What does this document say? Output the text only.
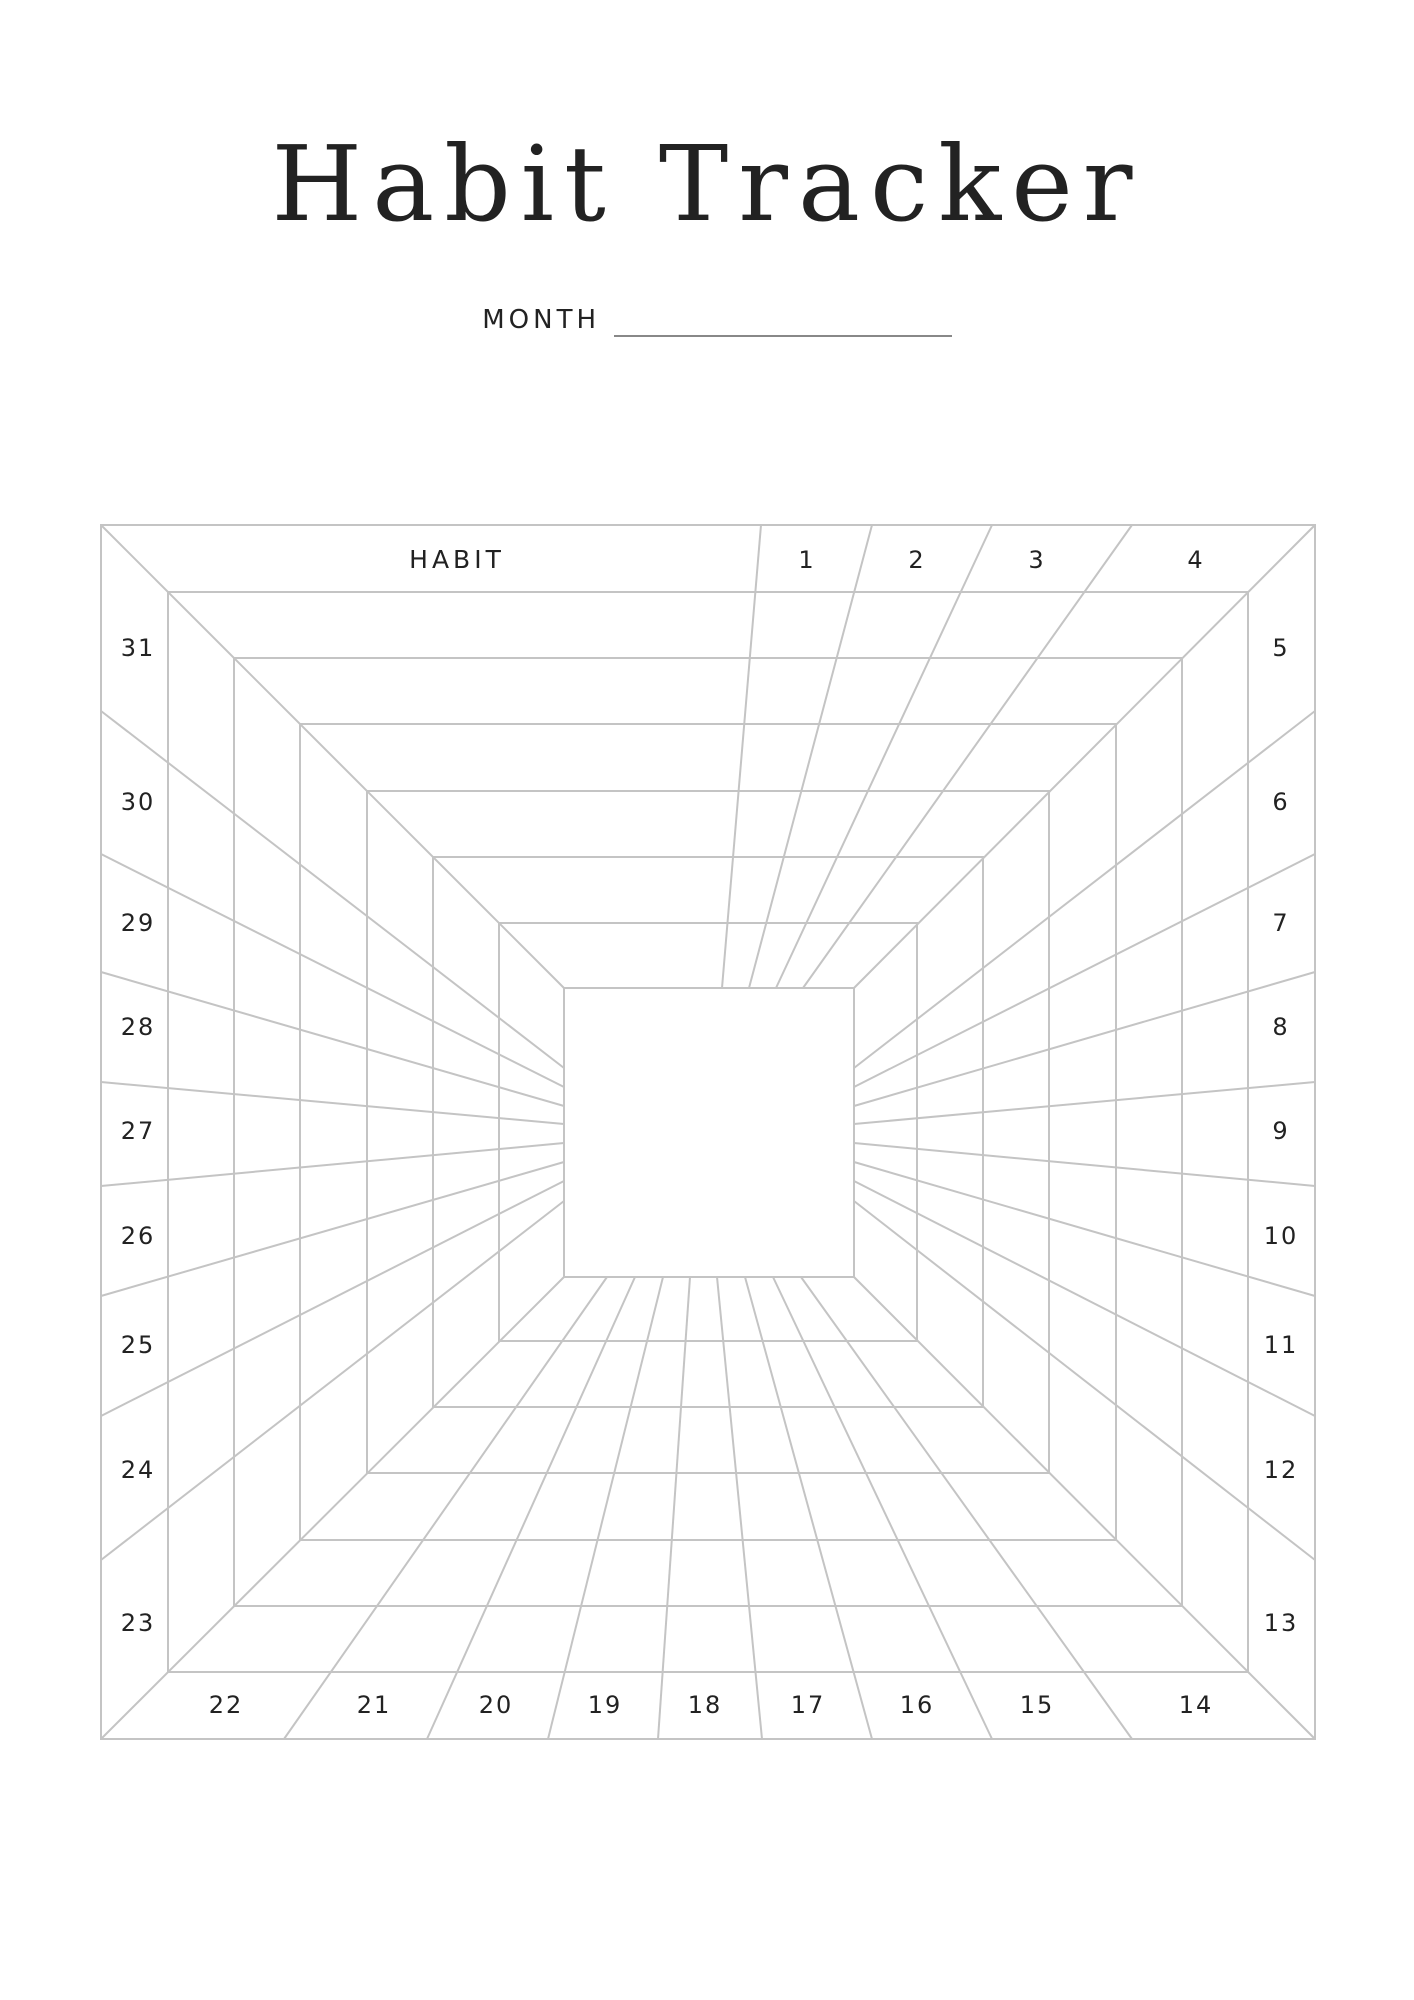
Habit Tracker
MONTH
HABIT	1	2	3	4
5
6
7
8
9
10
11
12
13
31
30
29
28
27
26
25
24
23
22	21	20	19	18	17	16	15	14
